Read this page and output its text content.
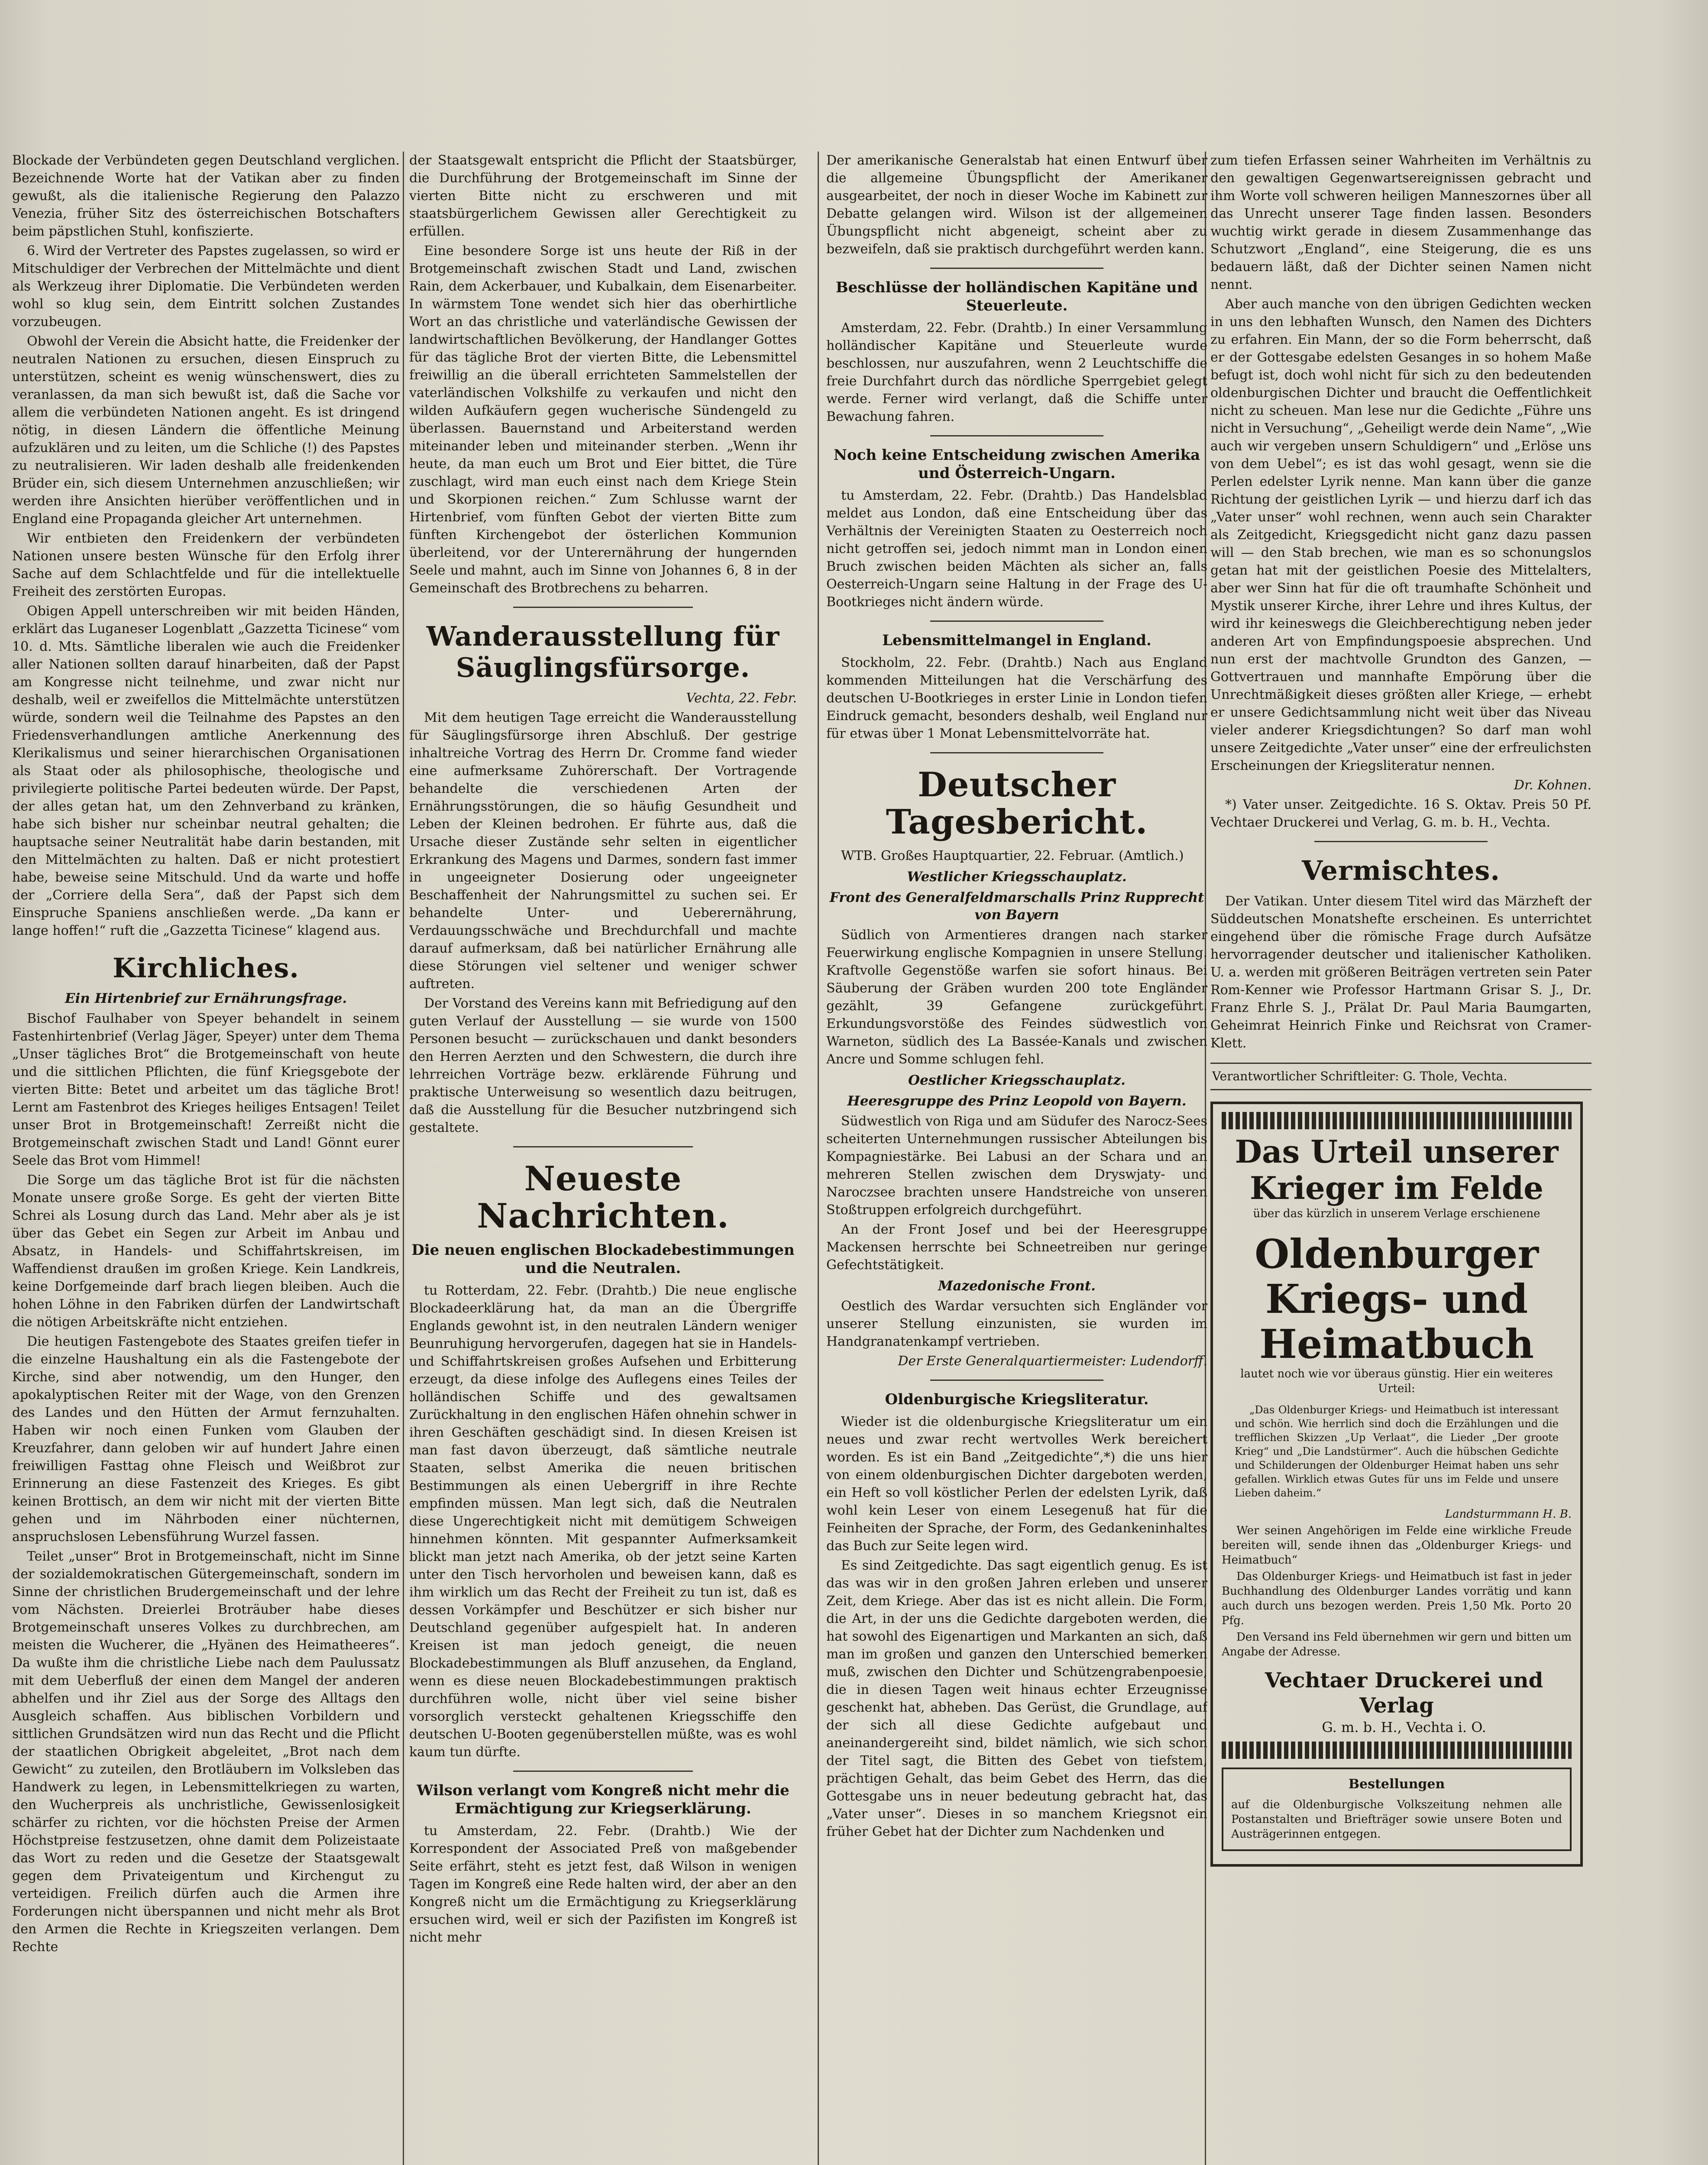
Blockade der Verbündeten gegen Deutschland verglichen. Bezeichnende Worte hat der Vatikan aber zu finden gewußt, als die italienische Regierung den Palazzo Venezia, früher Sitz des österreichischen Botschafters beim päpstlichen Stuhl, konfiszierte.

6. Wird der Vertreter des Papstes zugelassen, so wird er Mitschuldiger der Verbrechen der Mittelmächte und dient als Werkzeug ihrer Diplomatie. Die Verbündeten werden wohl so klug sein, dem Eintritt solchen Zustandes vorzubeugen.

Obwohl der Verein die Absicht hatte, die Freidenker der neutralen Nationen zu ersuchen, diesen Einspruch zu unterstützen, scheint es wenig wünschenswert, dies zu veranlassen, da man sich bewußt ist, daß die Sache vor allem die verbündeten Nationen angeht. Es ist dringend nötig, in diesen Ländern die öffentliche Meinung aufzuklären und zu leiten, um die Schliche (!) des Papstes zu neutralisieren. Wir laden deshalb alle freidenkenden Brüder ein, sich diesem Unternehmen anzuschließen; wir werden ihre Ansichten hierüber veröffentlichen und in England eine Propaganda gleicher Art unternehmen.

Wir entbieten den Freidenkern der verbündeten Nationen unsere besten Wünsche für den Erfolg ihrer Sache auf dem Schlachtfelde und für die intellektuelle Freiheit des zerstörten Europas.

Obigen Appell unterschreiben wir mit beiden Händen, erklärt das Luganeser Logenblatt „Gazzetta Ticinese“ vom 10. d. Mts. Sämtliche liberalen wie auch die Freidenker aller Nationen sollten darauf hinarbeiten, daß der Papst am Kongresse nicht teilnehme, und zwar nicht nur deshalb, weil er zweifellos die Mittelmächte unterstützen würde, sondern weil die Teilnahme des Papstes an den Friedensverhandlungen amtliche Anerkennung des Klerikalismus und seiner hierarchischen Organisationen als Staat oder als philosophische, theologische und privilegierte politische Partei bedeuten würde. Der Papst, der alles getan hat, um den Zehnverband zu kränken, habe sich bisher nur scheinbar neutral gehalten; die hauptsache seiner Neutralität habe darin bestanden, mit den Mittelmächten zu halten. Daß er nicht protestiert habe, beweise seine Mitschuld. Und da warte und hoffe der „Corriere della Sera“, daß der Papst sich dem Einspruche Spaniens anschließen werde. „Da kann er lange hoffen!“ ruft die „Gazzetta Ticinese“ klagend aus.

Kirchliches.
Ein Hirtenbrief zur Ernährungsfrage.

Bischof Faulhaber von Speyer behandelt in seinem Fastenhirtenbrief (Verlag Jäger, Speyer) unter dem Thema „Unser tägliches Brot“ die Brotgemeinschaft von heute und die sittlichen Pflichten, die fünf Kriegsgebote der vierten Bitte: Betet und arbeitet um das tägliche Brot! Lernt am Fastenbrot des Krieges heiliges Entsagen! Teilet unser Brot in Brotgemeinschaft! Zerreißt nicht die Brotgemeinschaft zwischen Stadt und Land! Gönnt eurer Seele das Brot vom Himmel!

Die Sorge um das tägliche Brot ist für die nächsten Monate unsere große Sorge. Es geht der vierten Bitte Schrei als Losung durch das Land. Mehr aber als je ist über das Gebet ein Segen zur Arbeit im Anbau und Absatz, in Handels- und Schiffahrtskreisen, im Waffendienst draußen im großen Kriege. Kein Landkreis, keine Dorfgemeinde darf brach liegen bleiben. Auch die hohen Löhne in den Fabriken dürfen der Landwirtschaft die nötigen Arbeitskräfte nicht entziehen.

Die heutigen Fastengebote des Staates greifen tiefer in die einzelne Haushaltung ein als die Fastengebote der Kirche, sind aber notwendig, um den Hunger, den apokalyptischen Reiter mit der Wage, von den Grenzen des Landes und den Hütten der Armut fernzuhalten. Haben wir noch einen Funken vom Glauben der Kreuzfahrer, dann geloben wir auf hundert Jahre einen freiwilligen Fasttag ohne Fleisch und Weißbrot zur Erinnerung an diese Fastenzeit des Krieges. Es gibt keinen Brottisch, an dem wir nicht mit der vierten Bitte gehen und im Nährboden einer nüchternen, anspruchslosen Lebensführung Wurzel fassen.

Teilet „unser“ Brot in Brotgemeinschaft, nicht im Sinne der sozialdemokratischen Gütergemeinschaft, sondern im Sinne der christlichen Brudergemeinschaft und der lehre vom Nächsten. Dreierlei Broträuber habe dieses Brotgemeinschaft unseres Volkes zu durchbrechen, am meisten die Wucherer, die „Hyänen des Heimatheeres“. Da wußte ihm die christliche Liebe nach dem Paulussatz mit dem Ueberfluß der einen dem Mangel der anderen abhelfen und ihr Ziel aus der Sorge des Alltags den Ausgleich schaffen. Aus biblischen Vorbildern und sittlichen Grundsätzen wird nun das Recht und die Pflicht der staatlichen Obrigkeit abgeleitet, „Brot nach dem Gewicht“ zu zuteilen, den Brotläubern im Volksleben das Handwerk zu legen, in Lebensmittelkriegen zu warten, den Wucherpreis als unchristliche, Gewissenlosigkeit schärfer zu richten, vor die höchsten Preise der Armen Höchstpreise festzusetzen, ohne damit dem Polizeistaate das Wort zu reden und die Gesetze der Staatsgewalt gegen dem Privateigentum und Kirchengut zu verteidigen. Freilich dürfen auch die Armen ihre Forderungen nicht überspannen und nicht mehr als Brot den Armen die Rechte in Kriegszeiten verlangen. Dem Rechte

der Staatsgewalt entspricht die Pflicht der Staatsbürger, die Durchführung der Brotgemeinschaft im Sinne der vierten Bitte nicht zu erschweren und mit staatsbürgerlichem Gewissen aller Gerechtigkeit zu erfüllen.

Eine besondere Sorge ist uns heute der Riß in der Brotgemeinschaft zwischen Stadt und Land, zwischen Rain, dem Ackerbauer, und Kubalkain, dem Eisenarbeiter. In wärmstem Tone wendet sich hier das oberhirtliche Wort an das christliche und vaterländische Gewissen der landwirtschaftlichen Bevölkerung, der Handlanger Gottes für das tägliche Brot der vierten Bitte, die Lebensmittel freiwillig an die überall errichteten Sammelstellen der vaterländischen Volkshilfe zu verkaufen und nicht den wilden Aufkäufern gegen wucherische Sündengeld zu überlassen. Bauernstand und Arbeiterstand werden miteinander leben und miteinander sterben. „Wenn ihr heute, da man euch um Brot und Eier bittet, die Türe zuschlagt, wird man euch einst nach dem Kriege Stein und Skorpionen reichen.“ Zum Schlusse warnt der Hirtenbrief, vom fünften Gebot der vierten Bitte zum fünften Kirchengebot der österlichen Kommunion überleitend, vor der Unterernährung der hungernden Seele und mahnt, auch im Sinne von Johannes 6, 8 in der Gemeinschaft des Brotbrechens zu beharren.

Wanderausstellung für Säuglingsfürsorge.

Vechta, 22. Febr.

Mit dem heutigen Tage erreicht die Wanderausstellung für Säuglingsfürsorge ihren Abschluß. Der gestrige inhaltreiche Vortrag des Herrn Dr. Cromme fand wieder eine aufmerksame Zuhörerschaft. Der Vortragende behandelte die verschiedenen Arten der Ernährungsstörungen, die so häufig Gesundheit und Leben der Kleinen bedrohen. Er führte aus, daß die Ursache dieser Zustände sehr selten in eigentlicher Erkrankung des Magens und Darmes, sondern fast immer in ungeeigneter Dosierung oder ungeeigneter Beschaffenheit der Nahrungsmittel zu suchen sei. Er behandelte Unter- und Ueberernährung, Verdauungsschwäche und Brechdurchfall und machte darauf aufmerksam, daß bei natürlicher Ernährung alle diese Störungen viel seltener und weniger schwer auftreten.

Der Vorstand des Vereins kann mit Befriedigung auf den guten Verlauf der Ausstellung — sie wurde von 1500 Personen besucht — zurückschauen und dankt besonders den Herren Aerzten und den Schwestern, die durch ihre lehrreichen Vorträge bezw. erklärende Führung und praktische Unterweisung so wesentlich dazu beitrugen, daß die Ausstellung für die Besucher nutzbringend sich gestaltete.

Neueste Nachrichten.
Die neuen englischen Blockadebestimmungen und die Neutralen.

tu Rotterdam, 22. Febr. (Drahtb.) Die neue englische Blockadeerklärung hat, da man an die Übergriffe Englands gewohnt ist, in den neutralen Ländern weniger Beunruhigung hervorgerufen, dagegen hat sie in Handels- und Schiffahrtskreisen großes Aufsehen und Erbitterung erzeugt, da diese infolge des Auflegens eines Teiles der holländischen Schiffe und des gewaltsamen Zurückhaltung in den englischen Häfen ohnehin schwer in ihren Geschäften geschädigt sind. In diesen Kreisen ist man fast davon überzeugt, daß sämtliche neutrale Staaten, selbst Amerika die neuen britischen Bestimmungen als einen Uebergriff in ihre Rechte empfinden müssen. Man legt sich, daß die Neutralen diese Ungerechtigkeit nicht mit demütigem Schweigen hinnehmen könnten. Mit gespannter Aufmerksamkeit blickt man jetzt nach Amerika, ob der jetzt seine Karten unter den Tisch hervorholen und beweisen kann, daß es ihm wirklich um das Recht der Freiheit zu tun ist, daß es dessen Vorkämpfer und Beschützer er sich bisher nur Deutschland gegenüber aufgespielt hat. In anderen Kreisen ist man jedoch geneigt, die neuen Blockadebestimmungen als Bluff anzusehen, da England, wenn es diese neuen Blockadebestimmungen praktisch durchführen wolle, nicht über viel seine bisher vorsorglich versteckt gehaltenen Kriegsschiffe den deutschen U-Booten gegenüberstellen müßte, was es wohl kaum tun dürfte.

Wilson verlangt vom Kongreß nicht mehr die Ermächtigung zur Kriegserklärung.

tu Amsterdam, 22. Febr. (Drahtb.) Wie der Korrespondent der Associated Preß von maßgebender Seite erfährt, steht es jetzt fest, daß Wilson in wenigen Tagen im Kongreß eine Rede halten wird, der aber an den Kongreß nicht um die Ermächtigung zu Kriegserklärung ersuchen wird, weil er sich der Pazifisten im Kongreß ist nicht mehr

Der amerikanische Generalstab hat einen Entwurf über die allgemeine Übungspflicht der Amerikaner ausgearbeitet, der noch in dieser Woche im Kabinett zur Debatte gelangen wird. Wilson ist der allgemeinen Übungspflicht nicht abgeneigt, scheint aber zu bezweifeln, daß sie praktisch durchgeführt werden kann.

Beschlüsse der holländischen Kapitäne und Steuerleute.

Amsterdam, 22. Febr. (Drahtb.) In einer Versammlung holländischer Kapitäne und Steuerleute wurde beschlossen, nur auszufahren, wenn 2 Leuchtschiffe die freie Durchfahrt durch das nördliche Sperrgebiet gelegt werde. Ferner wird verlangt, daß die Schiffe unter Bewachung fahren.

Noch keine Entscheidung zwischen Amerika und Österreich-Ungarn.

tu Amsterdam, 22. Febr. (Drahtb.) Das Handelsblad meldet aus London, daß eine Entscheidung über das Verhältnis der Vereinigten Staaten zu Oesterreich noch nicht getroffen sei, jedoch nimmt man in London einen Bruch zwischen beiden Mächten als sicher an, falls Oesterreich-Ungarn seine Haltung in der Frage des U-Bootkrieges nicht ändern würde.

Lebensmittelmangel in England.

Stockholm, 22. Febr. (Drahtb.) Nach aus England kommenden Mitteilungen hat die Verschärfung des deutschen U-Bootkrieges in erster Linie in London tiefen Eindruck gemacht, besonders deshalb, weil England nur für etwas über 1 Monat Lebensmittelvorräte hat.

Deutscher Tagesbericht.

WTB. Großes Hauptquartier, 22. Februar. (Amtlich.)

Westlicher Kriegsschauplatz.
Front des Generalfeldmarschalls Prinz Rupprecht von Bayern

Südlich von Armentieres drangen nach starker Feuerwirkung englische Kompagnien in unsere Stellung. Kraftvolle Gegenstöße warfen sie sofort hinaus. Bei Säuberung der Gräben wurden 200 tote Engländer gezählt, 39 Gefangene zurückgeführt. Erkundungsvorstöße des Feindes südwestlich von Warneton, südlich des La Bassée-Kanals und zwischen Ancre und Somme schlugen fehl.

Oestlicher Kriegsschauplatz.
Heeresgruppe des Prinz Leopold von Bayern.

Südwestlich von Riga und am Südufer des Narocz-Sees scheiterten Unternehmungen russischer Abteilungen bis Kompagniestärke. Bei Labusi an der Schara und an mehreren Stellen zwischen dem Dryswjaty- und Naroczsee brachten unsere Handstreiche von unseren Stoßtruppen erfolgreich durchgeführt.

An der Front Josef und bei der Heeresgruppe Mackensen herrschte bei Schneetreiben nur geringe Gefechtstätigkeit.

Mazedonische Front.

Oestlich des Wardar versuchten sich Engländer vor unserer Stellung einzunisten, sie wurden im Handgranatenkampf vertrieben.

Der Erste Generalquartiermeister: Ludendorff.

Oldenburgische Kriegsliteratur.

Wieder ist die oldenburgische Kriegsliteratur um ein neues und zwar recht wertvolles Werk bereichert worden. Es ist ein Band „Zeitgedichte“,*) die uns hier von einem oldenburgischen Dichter dargeboten werden, ein Heft so voll köstlicher Perlen der edelsten Lyrik, daß wohl kein Leser von einem Lesegenuß hat für die Feinheiten der Sprache, der Form, des Gedankeninhaltes das Buch zur Seite legen wird.

Es sind Zeitgedichte. Das sagt eigentlich genug. Es ist das was wir in den großen Jahren erleben und unserer Zeit, dem Kriege. Aber das ist es nicht allein. Die Form, die Art, in der uns die Gedichte dargeboten werden, die hat sowohl des Eigenartigen und Markanten an sich, daß man im großen und ganzen den Unterschied bemerken muß, zwischen den Dichter und Schützengrabenpoesie, die in diesen Tagen weit hinaus echter Erzeugnisse geschenkt hat, abheben. Das Gerüst, die Grundlage, auf der sich all diese Gedichte aufgebaut und aneinandergereiht sind, bildet nämlich, wie sich schon der Titel sagt, die Bitten des Gebet von tiefstem, prächtigen Gehalt, das beim Gebet des Herrn, das die Gottesgabe uns in neuer bedeutung gebracht hat, das „Vater unser“. Dieses in so manchem Kriegsnot ein früher Gebet hat der Dichter zum Nachdenken und

zum tiefen Erfassen seiner Wahrheiten im Verhältnis zu den gewaltigen Gegenwartsereignissen gebracht und ihm Worte voll schweren heiligen Manneszornes über all das Unrecht unserer Tage finden lassen. Besonders wuchtig wirkt gerade in diesem Zusammenhange das Schutzwort „England“, eine Steigerung, die es uns bedauern läßt, daß der Dichter seinen Namen nicht nennt.

Aber auch manche von den übrigen Gedichten wecken in uns den lebhaften Wunsch, den Namen des Dichters zu erfahren. Ein Mann, der so die Form beherrscht, daß er der Gottesgabe edelsten Gesanges in so hohem Maße befugt ist, doch wohl nicht für sich zu den bedeutenden oldenburgischen Dichter und braucht die Oeffentlichkeit nicht zu scheuen. Man lese nur die Gedichte „Führe uns nicht in Versuchung“, „Geheiligt werde dein Name“, „Wie auch wir vergeben unsern Schuldigern“ und „Erlöse uns von dem Uebel“; es ist das wohl gesagt, wenn sie die Perlen edelster Lyrik nenne. Man kann über die ganze Richtung der geistlichen Lyrik — und hierzu darf ich das „Vater unser“ wohl rechnen, wenn auch sein Charakter als Zeitgedicht, Kriegsgedicht nicht ganz dazu passen will — den Stab brechen, wie man es so schonungslos getan hat mit der geistlichen Poesie des Mittelalters, aber wer Sinn hat für die oft traumhafte Schönheit und Mystik unserer Kirche, ihrer Lehre und ihres Kultus, der wird ihr keineswegs die Gleichberechtigung neben jeder anderen Art von Empfindungspoesie absprechen. Und nun erst der machtvolle Grundton des Ganzen, — Gottvertrauen und mannhafte Empörung über die Unrechtmäßigkeit dieses größten aller Kriege, — erhebt er unsere Gedichtsammlung nicht weit über das Niveau vieler anderer Kriegsdichtungen? So darf man wohl unsere Zeitgedichte „Vater unser“ eine der erfreulichsten Erscheinungen der Kriegsliteratur nennen.

Dr. Kohnen.

*) Vater unser. Zeitgedichte. 16 S. Oktav. Preis 50 Pf. Vechtaer Druckerei und Verlag, G. m. b. H., Vechta.

Vermischtes.

Der Vatikan. Unter diesem Titel wird das Märzheft der Süddeutschen Monatshefte erscheinen. Es unterrichtet eingehend über die römische Frage durch Aufsätze hervorragender deutscher und italienischer Katholiken. U. a. werden mit größeren Beiträgen vertreten sein Pater Rom-Kenner wie Professor Hartmann Grisar S. J., Dr. Franz Ehrle S. J., Prälat Dr. Paul Maria Baumgarten, Geheimrat Heinrich Finke und Reichsrat von Cramer-Klett.

Verantwortlicher Schriftleiter: G. Thole, Vechta.
Das Urteil unserer Krieger im Felde

über das kürzlich in unserem Verlage erschienene

Oldenburger Kriegs- und Heimatbuch

lautet noch wie vor überaus günstig. Hier ein weiteres Urteil:

„Das Oldenburger Kriegs- und Heimatbuch ist interessant und schön. Wie herrlich sind doch die Erzählungen und die trefflichen Skizzen „Up Verlaat“, die Lieder „Der groote Krieg“ und „Die Landstürmer“. Auch die hübschen Gedichte und Schilderungen der Oldenburger Heimat haben uns sehr gefallen. Wirklich etwas Gutes für uns im Felde und unsere Lieben daheim.“

Landsturmmann H. B.

Wer seinen Angehörigen im Felde eine wirkliche Freude bereiten will, sende ihnen das „Oldenburger Kriegs- und Heimatbuch“

Das Oldenburger Kriegs- und Heimatbuch ist fast in jeder Buchhandlung des Oldenburger Landes vorrätig und kann auch durch uns bezogen werden. Preis 1,50 Mk. Porto 20 Pfg.

Den Versand ins Feld übernehmen wir gern und bitten um Angabe der Adresse.

Vechtaer Druckerei und Verlag

G. m. b. H., Vechta i. O.

Bestellungen

auf die Oldenburgische Volkszeitung nehmen alle Postanstalten und Briefträger sowie unsere Boten und Austrägerinnen entgegen.
